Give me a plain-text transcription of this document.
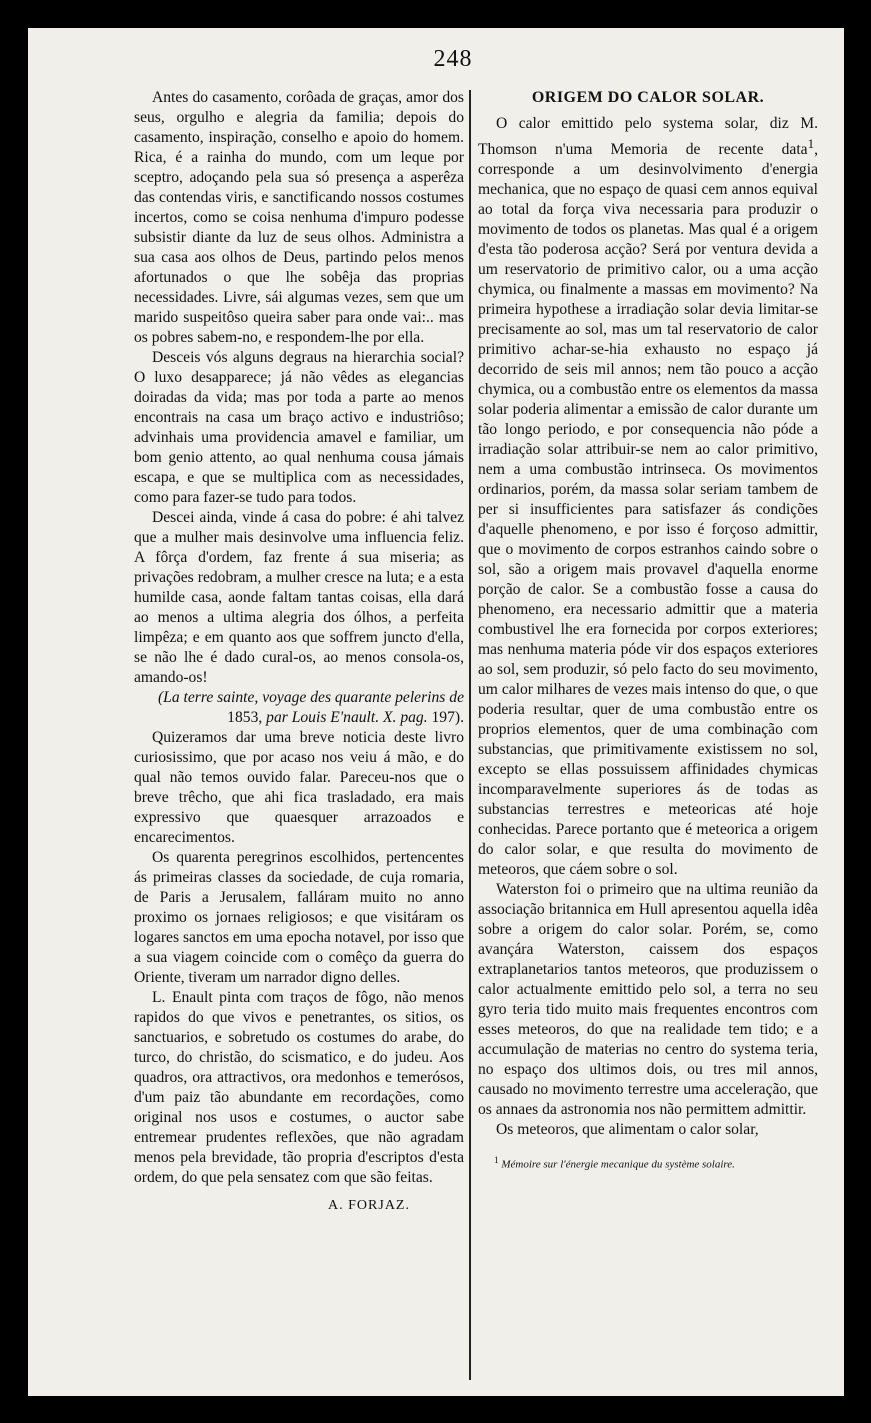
248

Antes do casamento, corôada de graças, amor dos seus, orgulho e alegria da familia; depois do casamento, inspiração, conselho e apoio do homem. Rica, é a rainha do mundo, com um leque por sceptro, adoçando pela sua só presença a asperêza das contendas viris, e sanctificando nossos costumes incertos, como se coisa nenhuma d'impuro podesse subsistir diante da luz de seus olhos. Administra a sua casa aos olhos de Deus, partindo pelos menos afortunados o que lhe sobêja das proprias necessidades. Livre, sái algumas vezes, sem que um marido suspeitôso queira saber para onde vai:.. mas os pobres sabem-no, e respondem-lhe por ella.

Desceis vós alguns degraus na hierarchia social? O luxo desapparece; já não vêdes as elegancias doiradas da vida; mas por toda a parte ao menos encontrais na casa um braço activo e industriôso; advinhais uma providencia amavel e familiar, um bom genio attento, ao qual nenhuma cousa jámais escapa, e que se multiplica com as necessidades, como para fazer-se tudo para todos.

Descei ainda, vinde á casa do pobre: é ahi talvez que a mulher mais desinvolve uma influencia feliz. A fôrça d'ordem, faz frente á sua miseria; as privações redobram, a mulher cresce na luta; e a esta humilde casa, aonde faltam tantas coisas, ella dará ao menos a ultima alegria dos ólhos, a perfeita limpêza; e em quanto aos que soffrem juncto d'ella, se não lhe é dado cural-os, ao menos consola-os, amando-os!

(La terre sainte, voyage des quarante pelerins de 1853, par Louis E'nault. X. pag. 197).

Quizeramos dar uma breve noticia deste livro curiosissimo, que por acaso nos veiu á mão, e do qual não temos ouvido falar. Pareceu-nos que o breve trêcho, que ahi fica trasladado, era mais expressivo que quaesquer arrazoados e encarecimentos.

Os quarenta peregrinos escolhidos, pertencentes ás primeiras classes da sociedade, de cuja romaria, de Paris a Jerusalem, falláram muito no anno proximo os jornaes religiosos; e que visitáram os logares sanctos em uma epocha notavel, por isso que a sua viagem coincide com o comêço da guerra do Oriente, tiveram um narrador digno delles.

L. Enault pinta com traços de fôgo, não menos rapidos do que vivos e penetrantes, os sitios, os sanctuarios, e sobretudo os costumes do arabe, do turco, do christão, do scismatico, e do judeu. Aos quadros, ora attractivos, ora medonhos e temerósos, d'um paiz tão abundante em recordações, como original nos usos e costumes, o auctor sabe entremear prudentes reflexões, que não agradam menos pela brevidade, tão propria d'escriptos d'esta ordem, do que pela sensatez com que são feitas.

A. FORJAZ.
ORIGEM DO CALOR SOLAR.

O calor emittido pelo systema solar, diz M. Thomson n'uma Memoria de recente data$^1$, corresponde a um desinvolvimento d'energia mechanica, que no espaço de quasi cem annos equival ao total da força viva necessaria para produzir o movimento de todos os planetas. Mas qual é a origem d'esta tão poderosa acção? Será por ventura devida a um reservatorio de primitivo calor, ou a uma acção chymica, ou finalmente a massas em movimento? Na primeira hypothese a irradiação solar devia limitar-se precisamente ao sol, mas um tal reservatorio de calor primitivo achar-se-hia exhausto no espaço já decorrido de seis mil annos; nem tão pouco a acção chymica, ou a combustão entre os elementos da massa solar poderia alimentar a emissão de calor durante um tão longo periodo, e por consequencia não póde a irradiação solar attribuir-se nem ao calor primitivo, nem a uma combustão intrinseca. Os movimentos ordinarios, porém, da massa solar seriam tambem de per si insufficientes para satisfazer ás condições d'aquelle phenomeno, e por isso é forçoso admittir, que o movimento de corpos estranhos caindo sobre o sol, são a origem mais provavel d'aquella enorme porção de calor. Se a combustão fosse a causa do phenomeno, era necessario admittir que a materia combustivel lhe era fornecida por corpos exteriores; mas nenhuma materia póde vir dos espaços exteriores ao sol, sem produzir, só pelo facto do seu movimento, um calor milhares de vezes mais intenso do que, o que poderia resultar, quer de uma combustão entre os proprios elementos, quer de uma combinação com substancias, que primitivamente existissem no sol, excepto se ellas possuissem affinidades chymicas incomparavelmente superiores ás de todas as substancias terrestres e meteoricas até hoje conhecidas. Parece portanto que é meteorica a origem do calor solar, e que resulta do movimento de meteoros, que cáem sobre o sol.

Waterston foi o primeiro que na ultima reunião da associação britannica em Hull apresentou aquella idêa sobre a origem do calor solar. Porém, se, como avançára Waterston, caissem dos espaços extraplanetarios tantos meteoros, que produzissem o calor actualmente emittido pelo sol, a terra no seu gyro teria tido muito mais frequentes encontros com esses meteoros, do que na realidade tem tido; e a accumulação de materias no centro do systema teria, no espaço dos ultimos dois, ou tres mil annos, causado no movimento terrestre uma acceleração, que os annaes da astronomia nos não permittem admittir.

Os meteoros, que alimentam o calor solar,

$^1$ Mémoire sur l'énergie mecanique du système solaire.
